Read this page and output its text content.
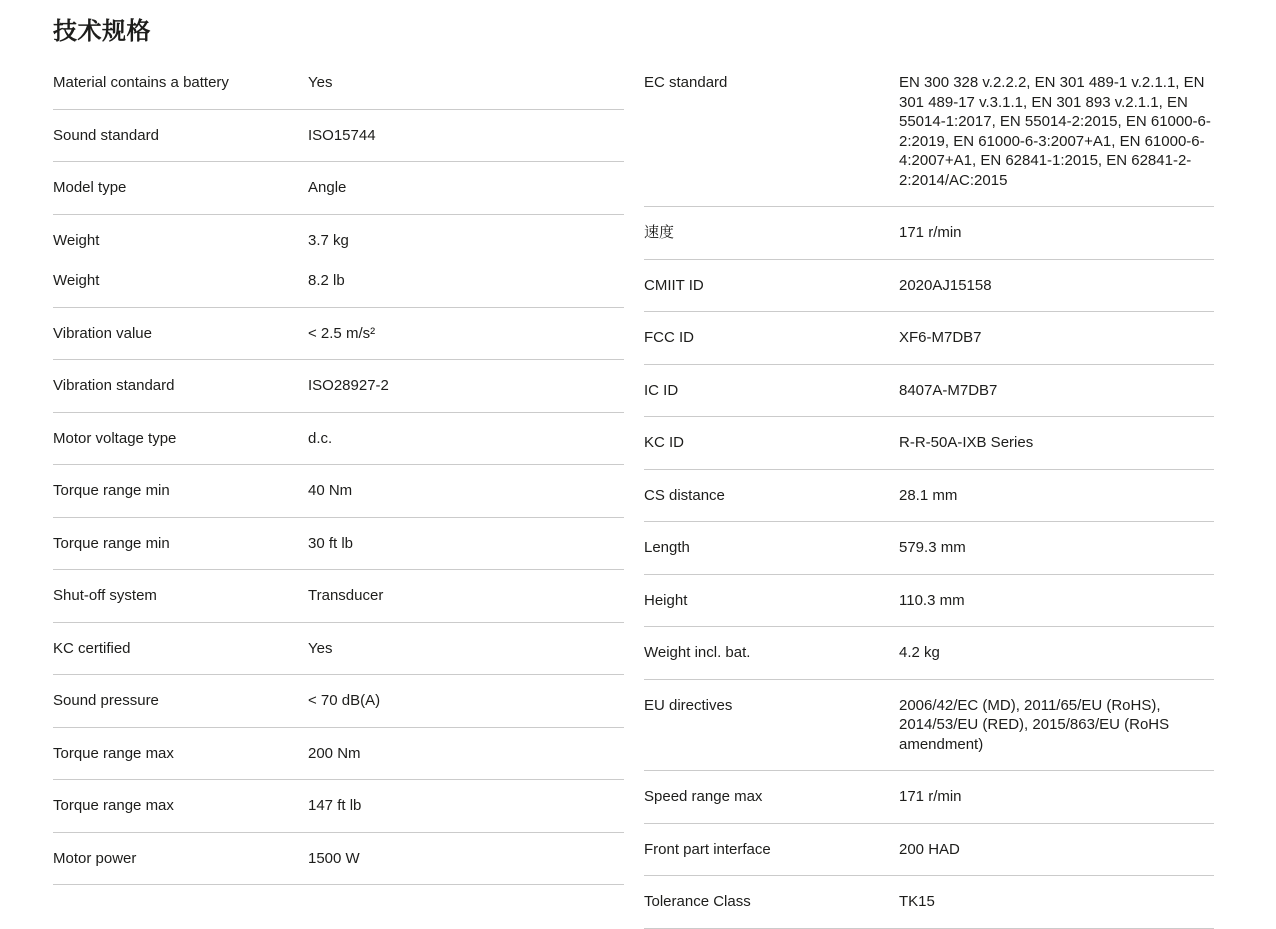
技术规格
Material contains a battery	Yes
Sound standard	ISO15744
Model type	Angle
Weight	3.7 kg
Weight	8.2 lb
Vibration value	< 2.5 m/s²
Vibration standard	ISO28927-2
Motor voltage type	d.c.
Torque range min	40 Nm
Torque range min	30 ft lb
Shut-off system	Transducer
KC certified	Yes
Sound pressure	< 70 dB(A)
Torque range max	200 Nm
Torque range max	147 ft lb
Motor power	1500 W
EC standard	EN 300 328 v.2.2.2, EN 301 489-1 v.2.1.1, EN 301 489-17 v.3.1.1, EN 301 893 v.2.1.1, EN 55014-1:2017, EN 55014-2:2015, EN 61000-6-2:2019, EN 61000-6-3:2007+A1, EN 61000-6-4:2007+A1, EN 62841-1:2015, EN 62841-2-2:2014/AC:2015
速度	171 r/min
CMIIT ID	2020AJ15158
FCC ID	XF6-M7DB7
IC ID	8407A-M7DB7
KC ID	R-R-50A-IXB Series
CS distance	28.1 mm
Length	579.3 mm
Height	110.3 mm
Weight incl. bat.	4.2 kg
EU directives	2006/42/EC (MD), 2011/65/EU (RoHS), 2014/53/EU (RED), 2015/863/EU (RoHS amendment)
Speed range max	171 r/min
Front part interface	200 HAD
Tolerance Class	TK15
